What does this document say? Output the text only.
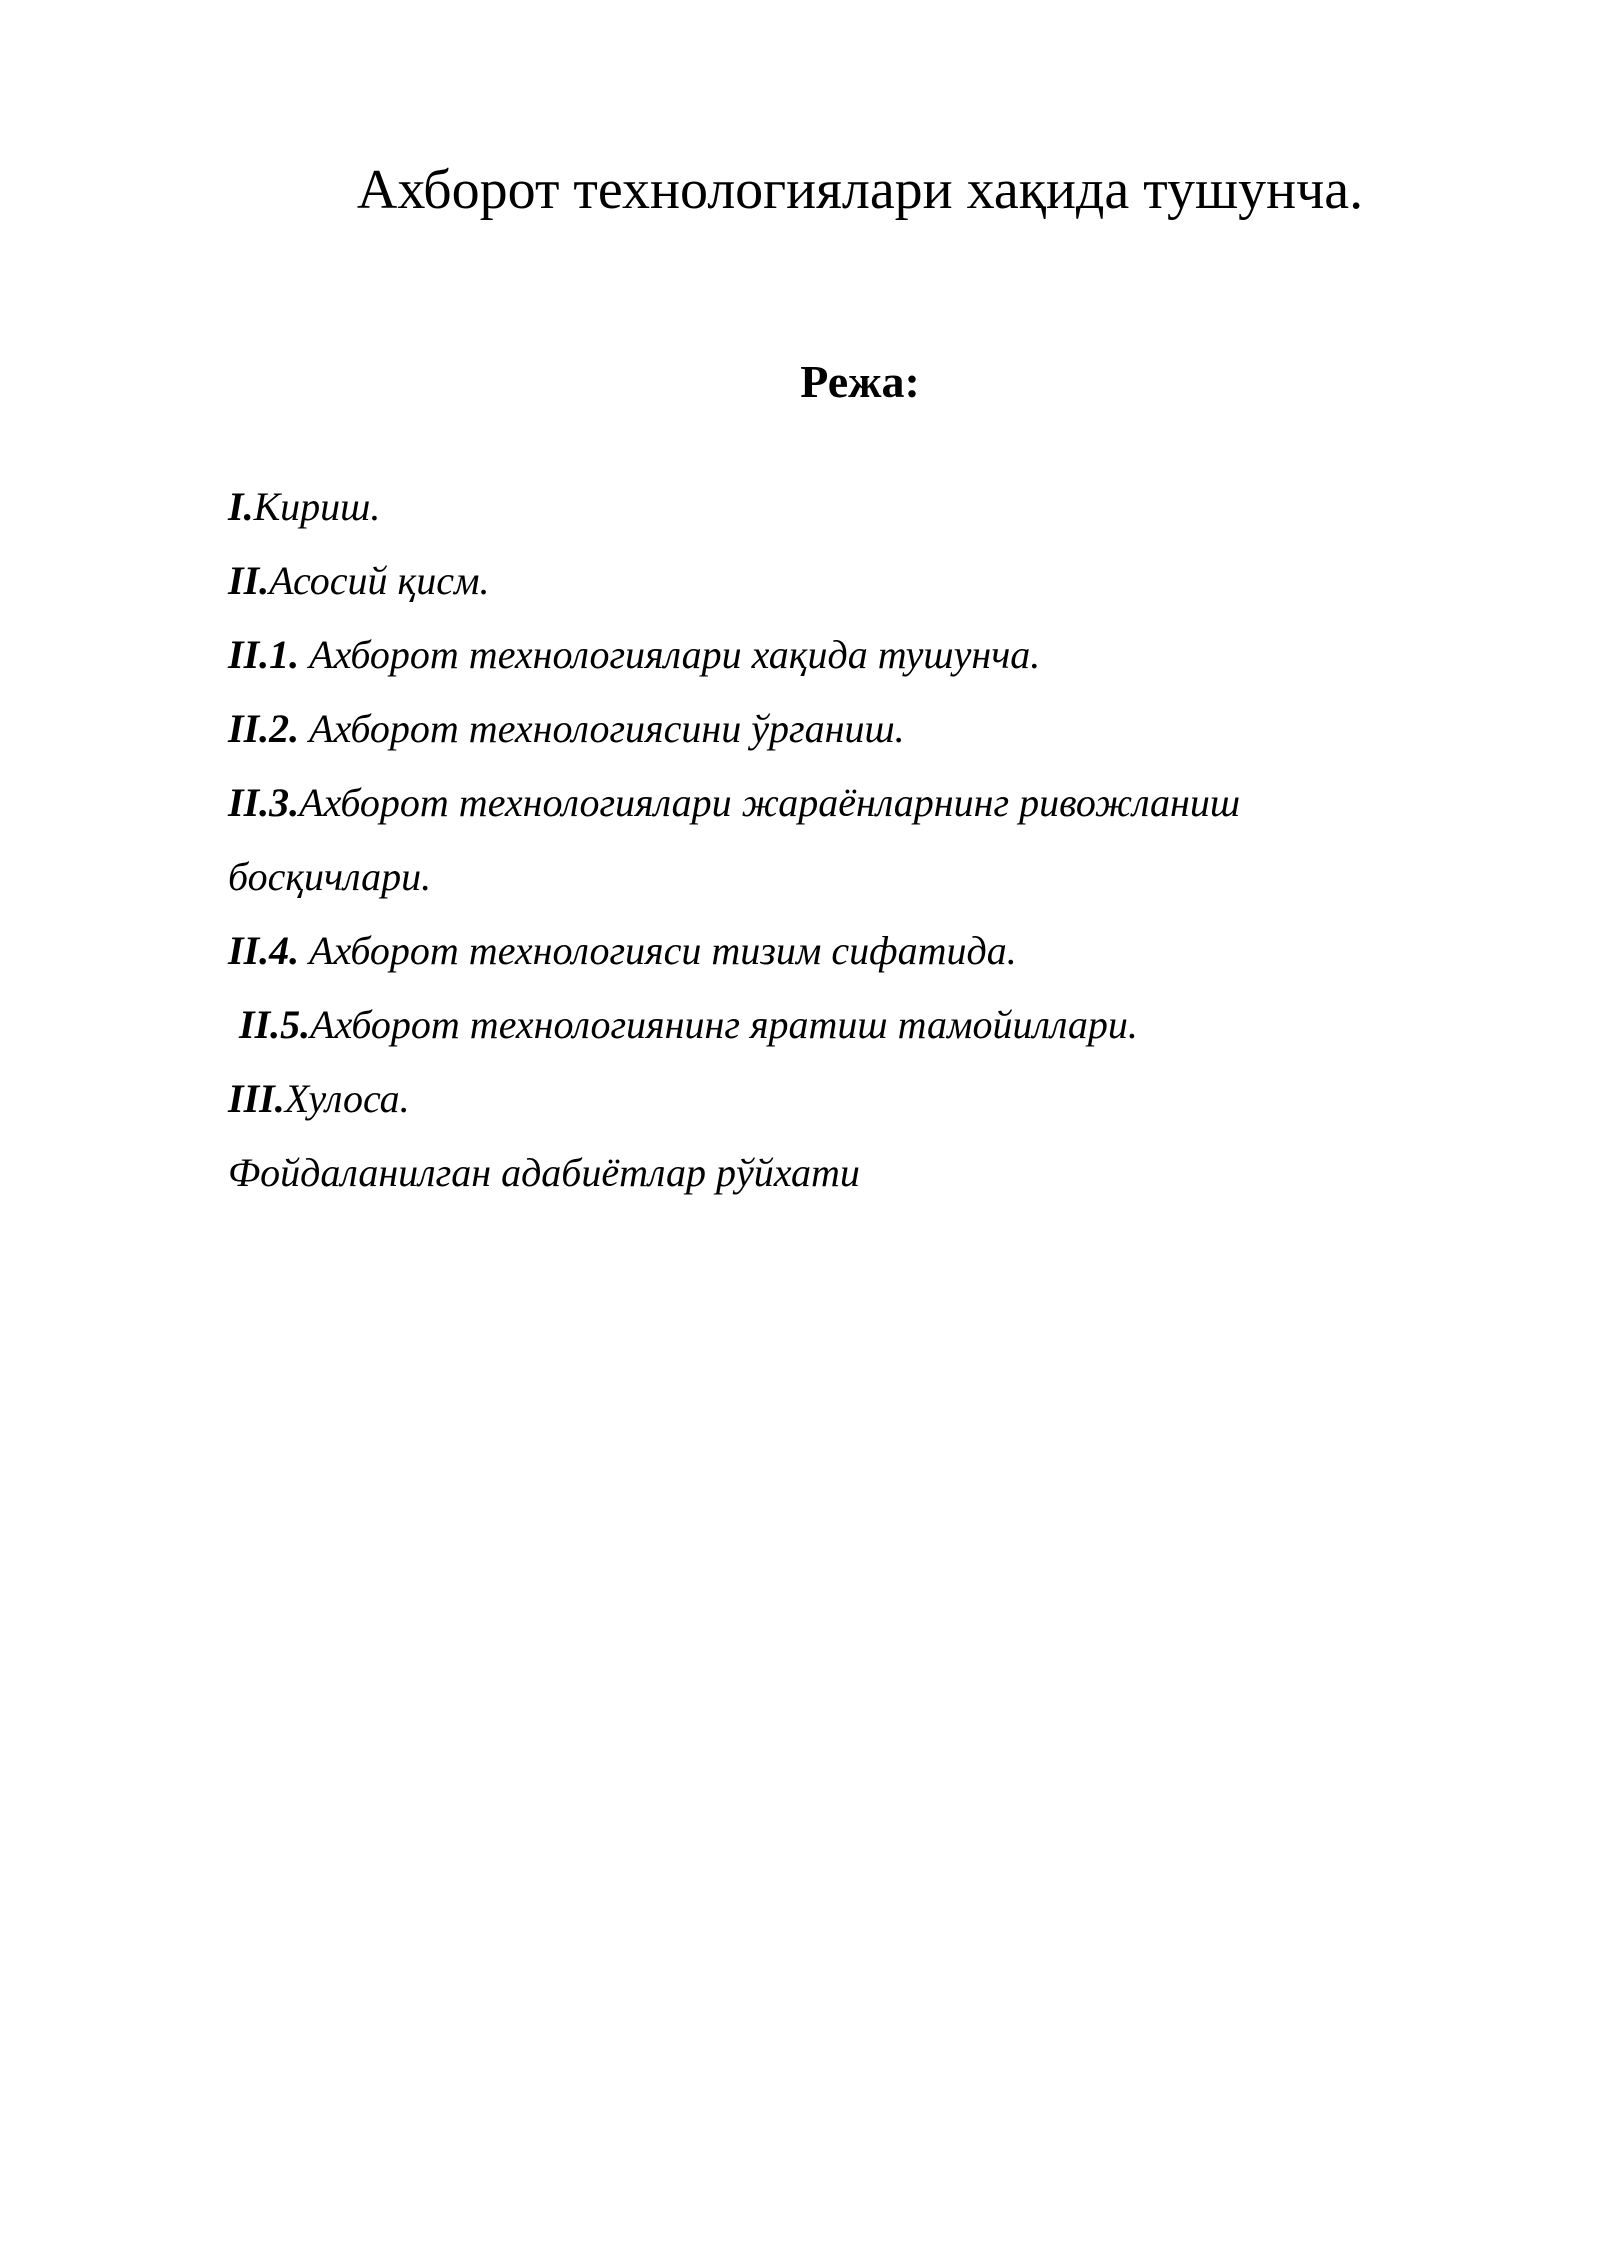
Ахборот технологиялари хақида тушунча.
Режа:
I.Кириш.
II.Асосий қисм.
II.1. Ахборот технологиялари хақида тушунча.
II.2. Ахборот технологиясини ўрганиш.
II.3.Ахборот технологиялари жараёнларнинг ривожланиш
босқичлари.
II.4. Ахборот технологияси тизим сифатида.
II.5.Ахборот технологиянинг яратиш тамойиллари.
III.Хулоса.
Фойдаланилган адабиётлар рўйхати
